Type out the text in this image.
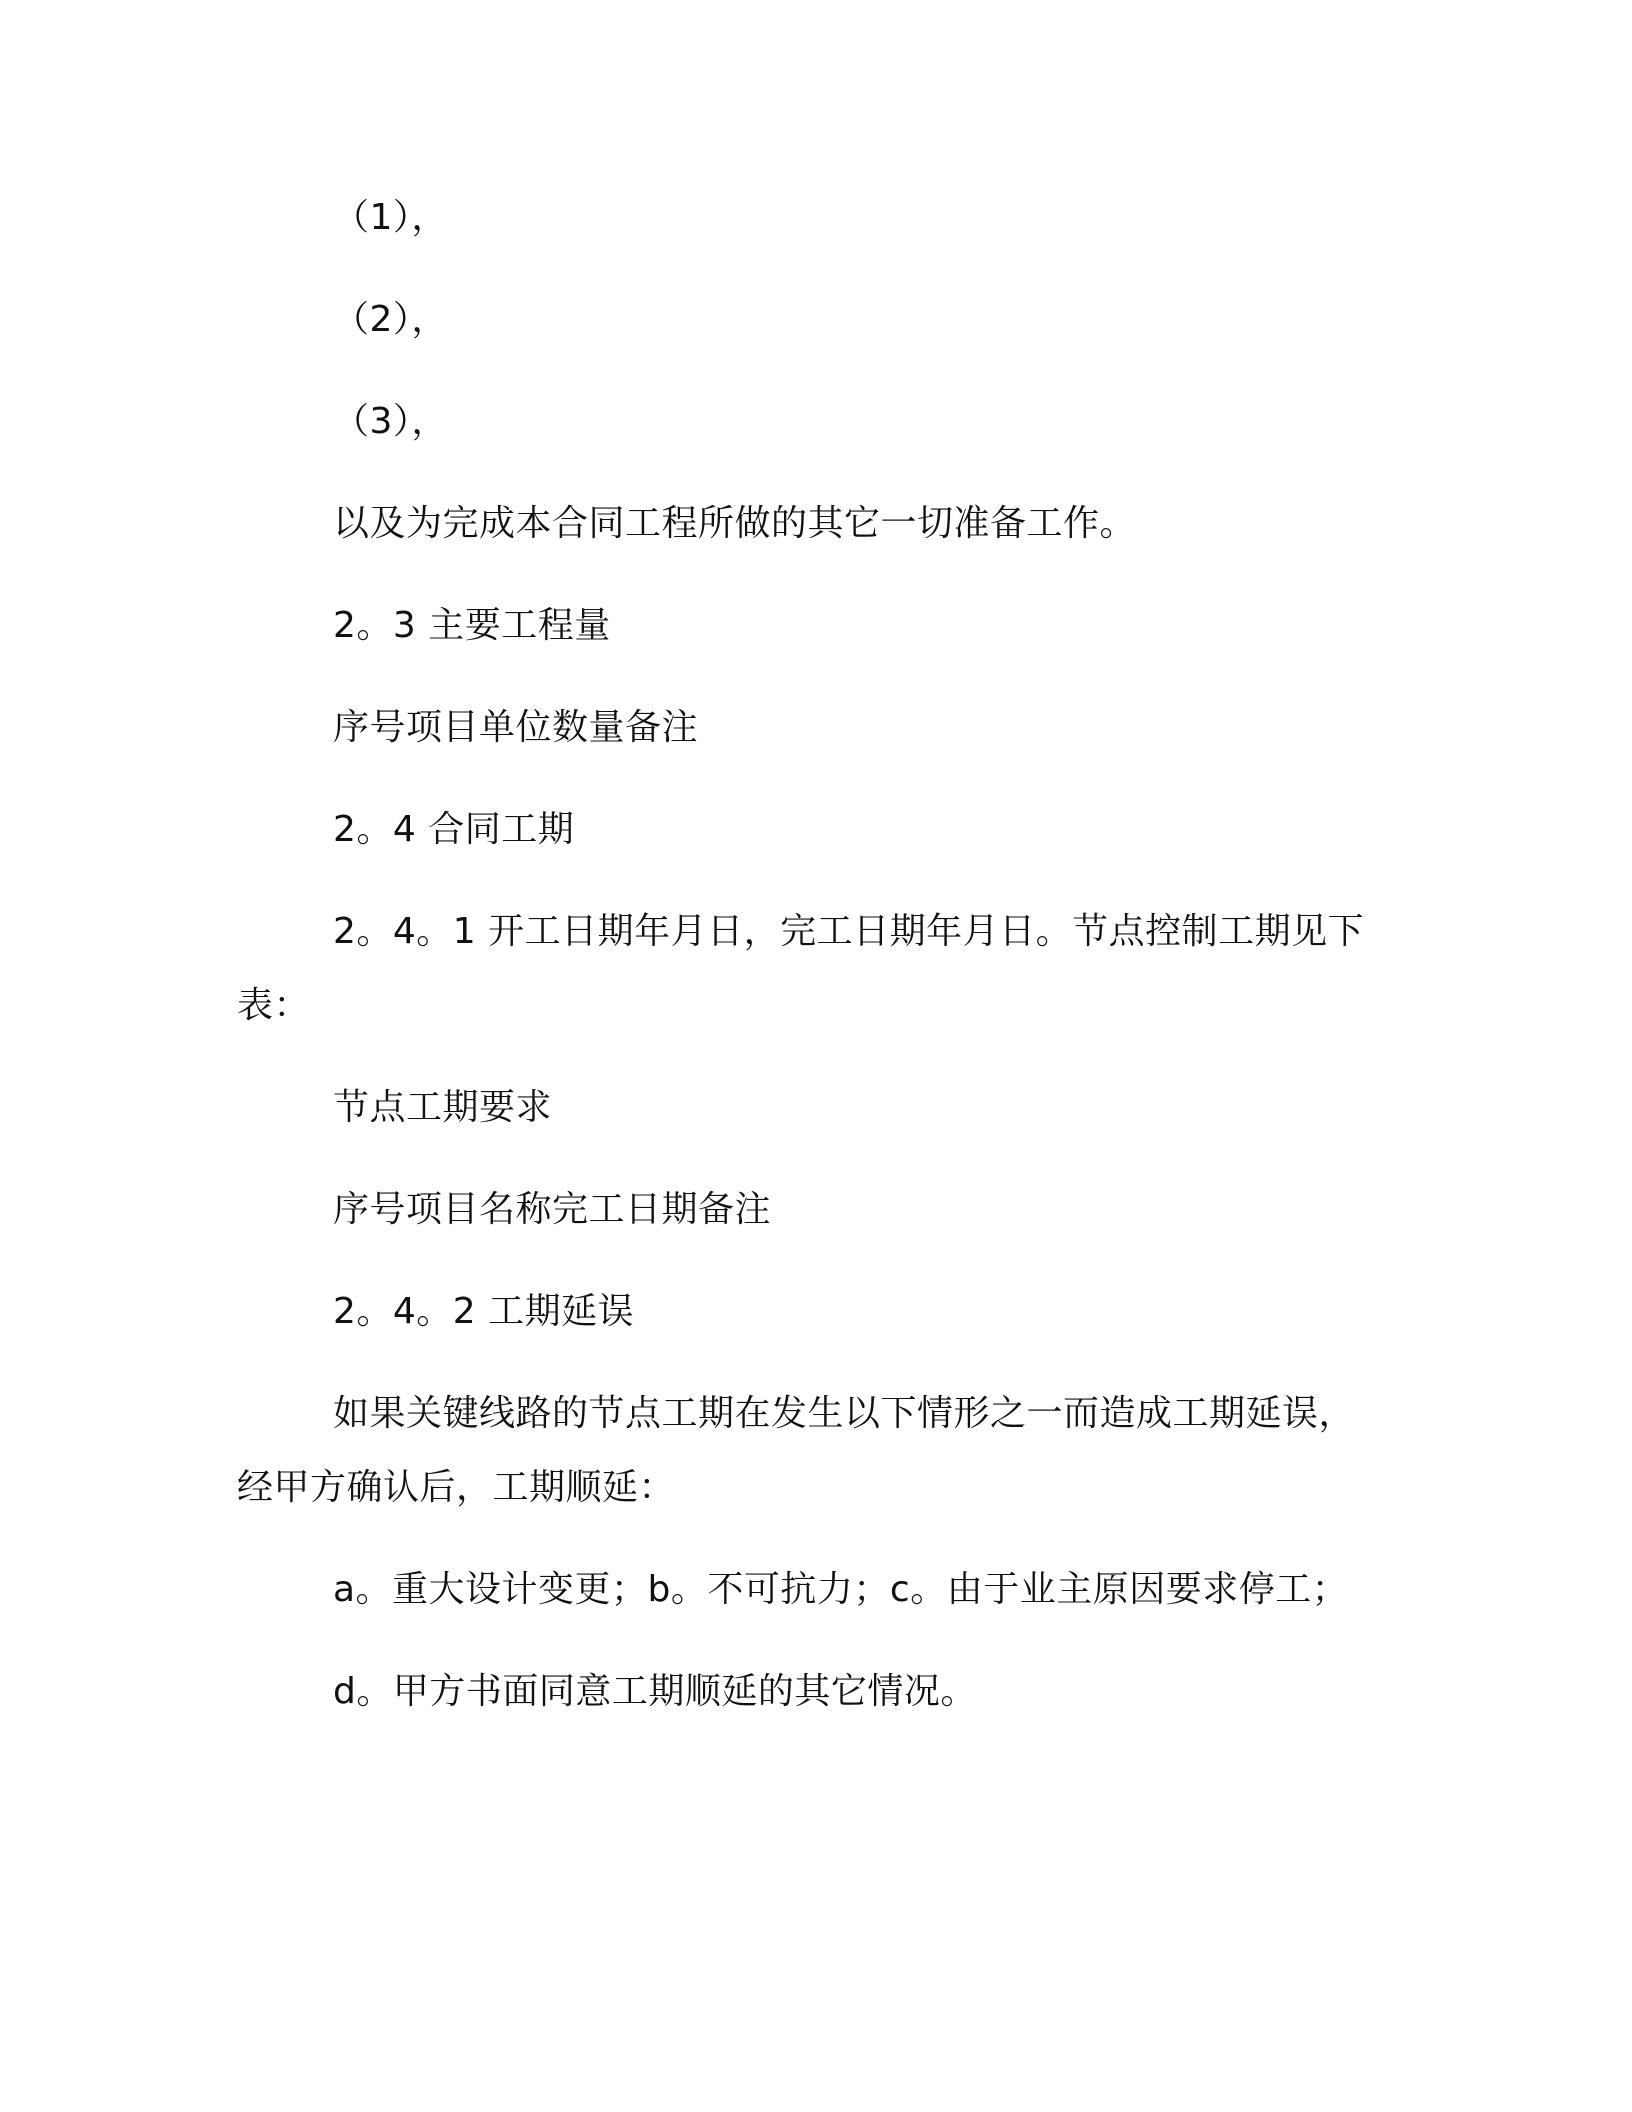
（1），
（2），
（3），
以及为完成本合同工程所做的其它一切准备工作。
2。3 主要工程量
序号项目单位数量备注
2。4 合同工期
2。4。1 开工日期年月日，完工日期年月日。节点控制工期见下
表：
节点工期要求
序号项目名称完工日期备注
2。4。2 工期延误
如果关键线路的节点工期在发生以下情形之一而造成工期延误，
经甲方确认后，工期顺延：
a。重大设计变更；b。不可抗力；c。由于业主原因要求停工；
d。甲方书面同意工期顺延的其它情况。
